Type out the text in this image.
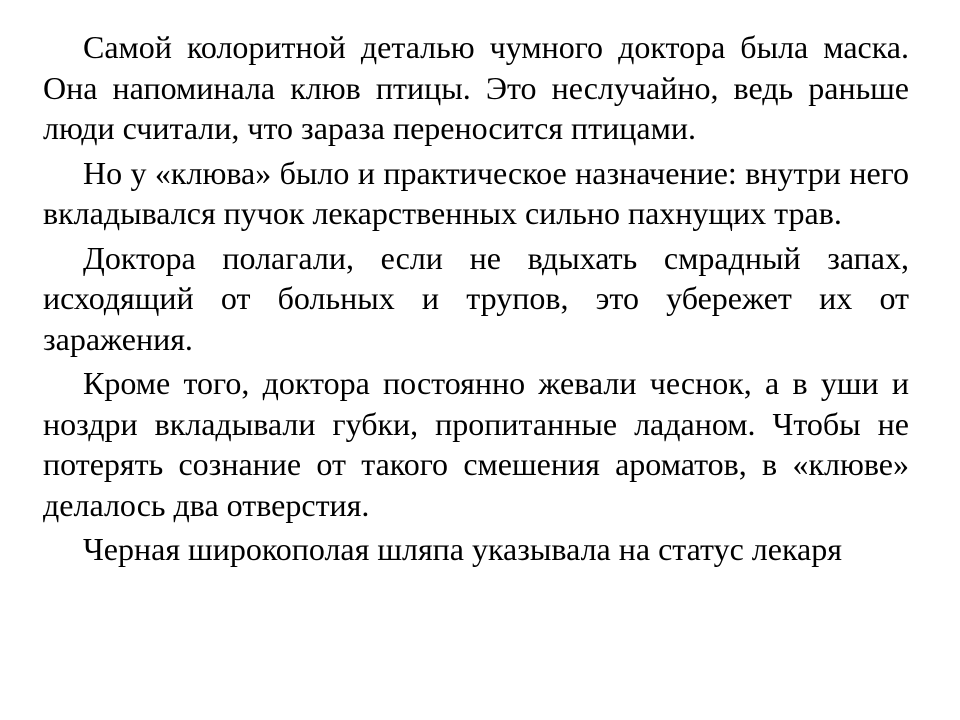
Самой колоритной деталью чумного доктора была маска. Она напоминала клюв птицы. Это неслучайно, ведь раньше люди считали, что зараза переносится птицами.

Но у «клюва» было и практическое назначение: внутри него вкладывался пучок лекарственных сильно пахнущих трав.

Доктора полагали, если не вдыхать смрадный запах, исходящий от больных и трупов, это убережет их от заражения.

Кроме того, доктора постоянно жевали чеснок, а в уши и ноздри вкладывали губки, пропитанные ладаном. Чтобы не потерять сознание от такого смешения ароматов, в «клюве» делалось два отверстия.

Черная широкополая шляпа указывала на статус лекаря
